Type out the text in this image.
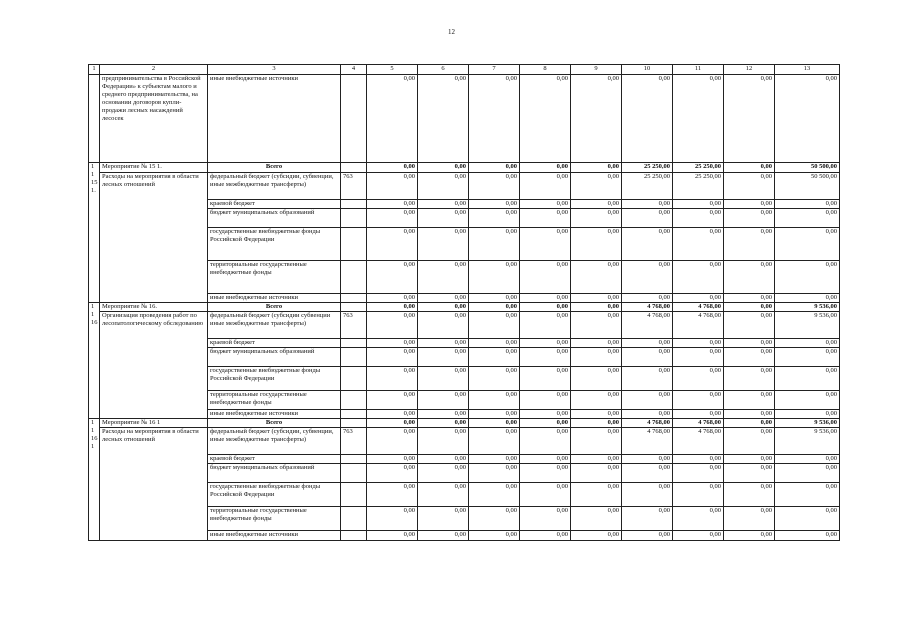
12
1	2	3	4	5	6	7	8	9	10	11	12	13
	предпринимательства в Российской Федерации» к субъектам малого и среднего предпринимательства, на основании договоров купли-продажи лесных насаждений лесосек	иные внебюджетные источники		0,00	0,00	0,00	0,00	0,00	0,00	0,00	0,00	0,00
1 1 15 1.	Мероприятие № 15 1.	Всего		0,00	0,00	0,00	0,00	0,00	25 250,00	25 250,00	0,00	50 500,00
	Расходы на мероприятия в области лесных отношений	федеральный бюджет (субсидии, субвенции, иные межбюджетные трансферты)	763	0,00	0,00	0,00	0,00	0,00	25 250,00	25 250,00	0,00	50 500,00
		краевой бюджет		0,00	0,00	0,00	0,00	0,00	0,00	0,00	0,00	0,00
		бюджет муниципальных образований		0,00	0,00	0,00	0,00	0,00	0,00	0,00	0,00	0,00
		государственные внебюджетные фонды Российской Федерации		0,00	0,00	0,00	0,00	0,00	0,00	0,00	0,00	0,00
		территориальные государственные внебюджетные фонды		0,00	0,00	0,00	0,00	0,00	0,00	0,00	0,00	0,00
		иные внебюджетные источники		0,00	0,00	0,00	0,00	0,00	0,00	0,00	0,00	0,00
1 1 16	Мероприятие № 16.	Всего		0,00	0,00	0,00	0,00	0,00	4 768,00	4 768,00	0,00	9 536,00
	Организация проведения работ по лесопатологическому обследованию	федеральный бюджет (субсидии субвенции иные межбюджетные трансферты)	763	0,00	0,00	0,00	0,00	0,00	4 768,00	4 768,00	0,00	9 536,00
		краевой бюджет		0,00	0,00	0,00	0,00	0,00	0,00	0,00	0,00	0,00
		бюджет муниципальных образований		0,00	0,00	0,00	0,00	0,00	0,00	0,00	0,00	0,00
		государственные внебюджетные фонды Российской Федерации		0,00	0,00	0,00	0,00	0,00	0,00	0,00	0,00	0,00
		территориальные государственные внебюджетные фонды		0,00	0,00	0,00	0,00	0,00	0,00	0,00	0,00	0,00
		иные внебюджетные источники		0,00	0,00	0,00	0,00	0,00	0,00	0,00	0,00	0,00
1 1 16 1	Мероприятие № 16 1	Всего		0,00	0,00	0,00	0,00	0,00	4 768,00	4 768,00	0,00	9 536,00
	Расходы на мероприятия в области лесных отношений	федеральный бюджет (субсидии, субвенции, иные межбюджетные трансферты)	763	0,00	0,00	0,00	0,00	0,00	4 768,00	4 768,00	0,00	9 536,00
		краевой бюджет		0,00	0,00	0,00	0,00	0,00	0,00	0,00	0,00	0,00
		бюджет муниципальных образований		0,00	0,00	0,00	0,00	0,00	0,00	0,00	0,00	0,00
		государственные внебюджетные фонды Российской Федерации		0,00	0,00	0,00	0,00	0,00	0,00	0,00	0,00	0,00
		территориальные государственные внебюджетные фонды		0,00	0,00	0,00	0,00	0,00	0,00	0,00	0,00	0,00
		иные внебюджетные источники		0,00	0,00	0,00	0,00	0,00	0,00	0,00	0,00	0,00
